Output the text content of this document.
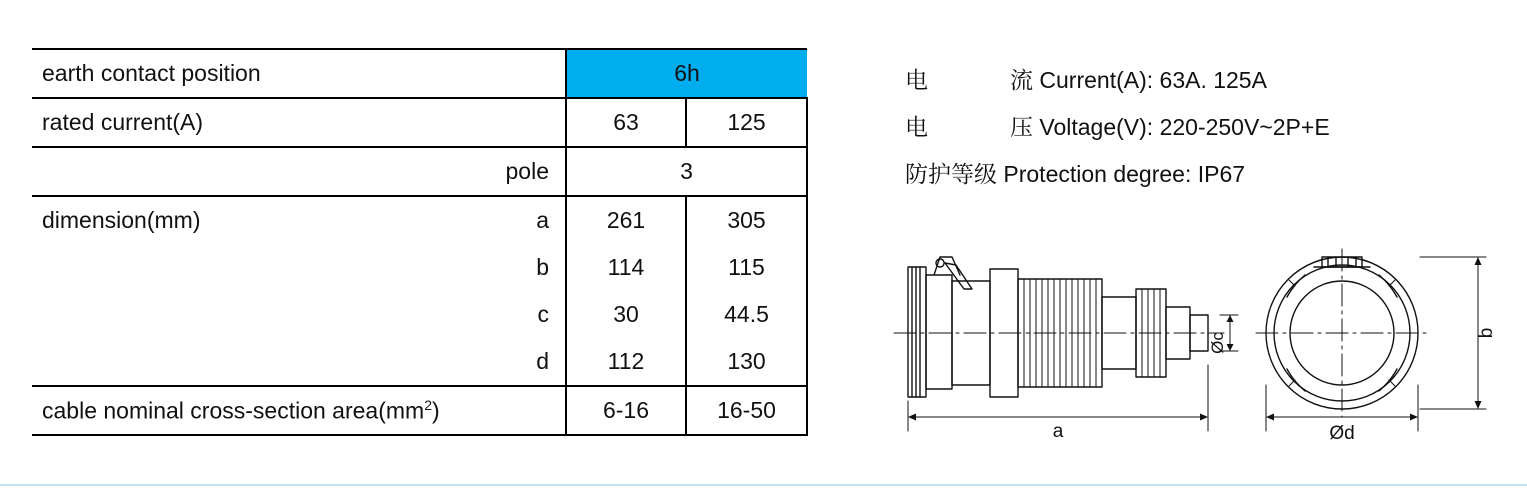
earth contact position		6h	
rated current(A)		63	125
	pole	3	
dimension(mm)	a	261	305
	b	114	115
	c	30	44.5
	d	112	130
cable nominal cross-section $area(mm^2)$		6-16	16-50
电	流 Current(A): 63A. 125A
电	压 Voltage(V): 220-250V~2P+E
防护等级 Protection degree: IP67
Øc
a
b
Ød
